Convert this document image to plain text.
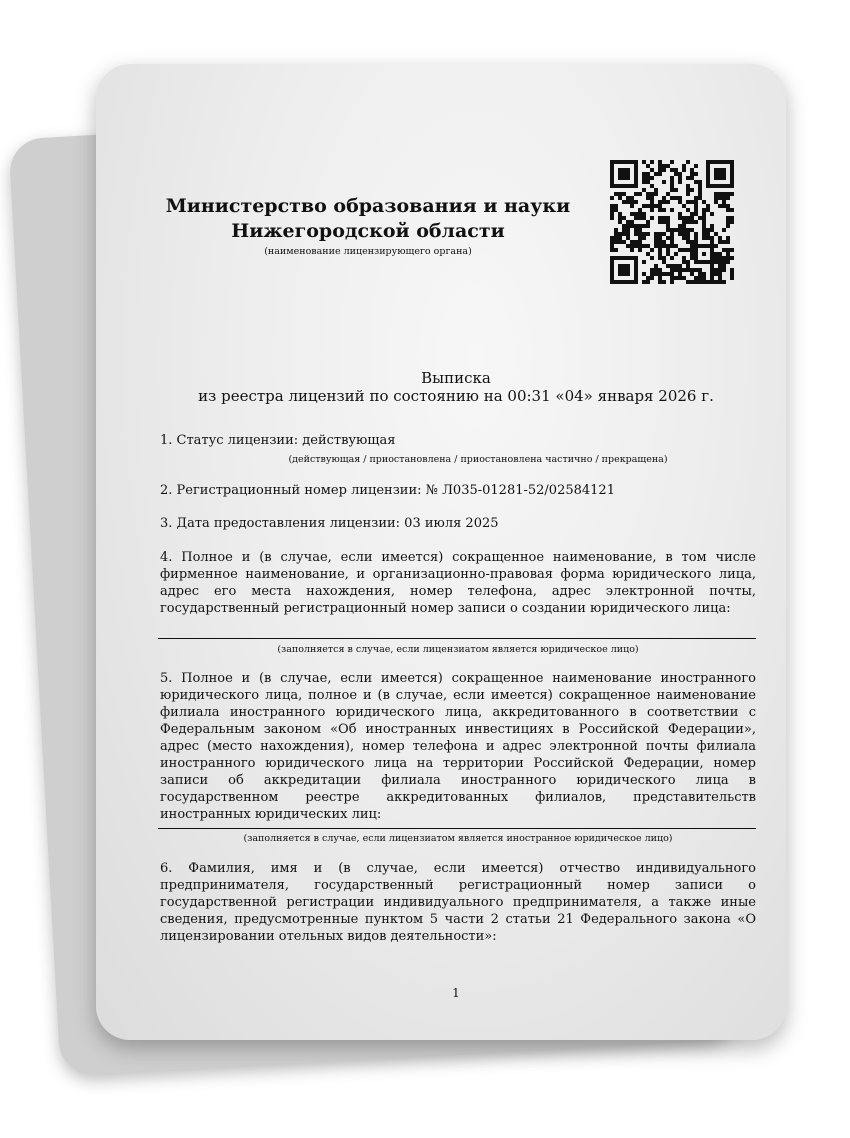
Министерство образования и науки
Нижегородской области
(наименование лицензирующего органа)
Выписка
из реестра лицензий по состоянию на 00:31 «04» января 2026 г.
1. Статус лицензии: действующая
(действующая / приостановлена / приостановлена частично / прекращена)
2. Регистрационный номер лицензии: № Л035-01281-52/02584121
3. Дата предоставления лицензии: 03 июля 2025
4. Полное и (в случае, если имеется) сокращенное наименование, в том числе фирменное наименование, и организационно-правовая форма юридического лица, адрес его места нахождения, номер телефона, адрес электронной почты, государственный регистрационный номер записи о создании юридического лица:
(заполняется в случае, если лицензиатом является юридическое лицо)
5. Полное и (в случае, если имеется) сокращенное наименование иностранного юридического лица, полное и (в случае, если имеется) сокращенное наименование филиала иностранного юридического лица, аккредитованного в соответствии с Федеральным законом «Об иностранных инвестициях в Российской Федерации», адрес (место нахождения), номер телефона и адрес электронной почты филиала иностранного юридического лица на территории Российской Федерации, номер записи об аккредитации филиала иностранного юридического лица в государственном реестре аккредитованных филиалов, представительств иностранных юридических лиц:
(заполняется в случае, если лицензиатом является иностранное юридическое лицо)
6. Фамилия, имя и (в случае, если имеется) отчество индивидуального предпринимателя, государственный регистрационный номер записи о государственной регистрации индивидуального предпринимателя, а также иные сведения, предусмотренные пунктом 5 части 2 статьи 21 Федерального закона «О лицензировании отельных видов деятельности»:
1
